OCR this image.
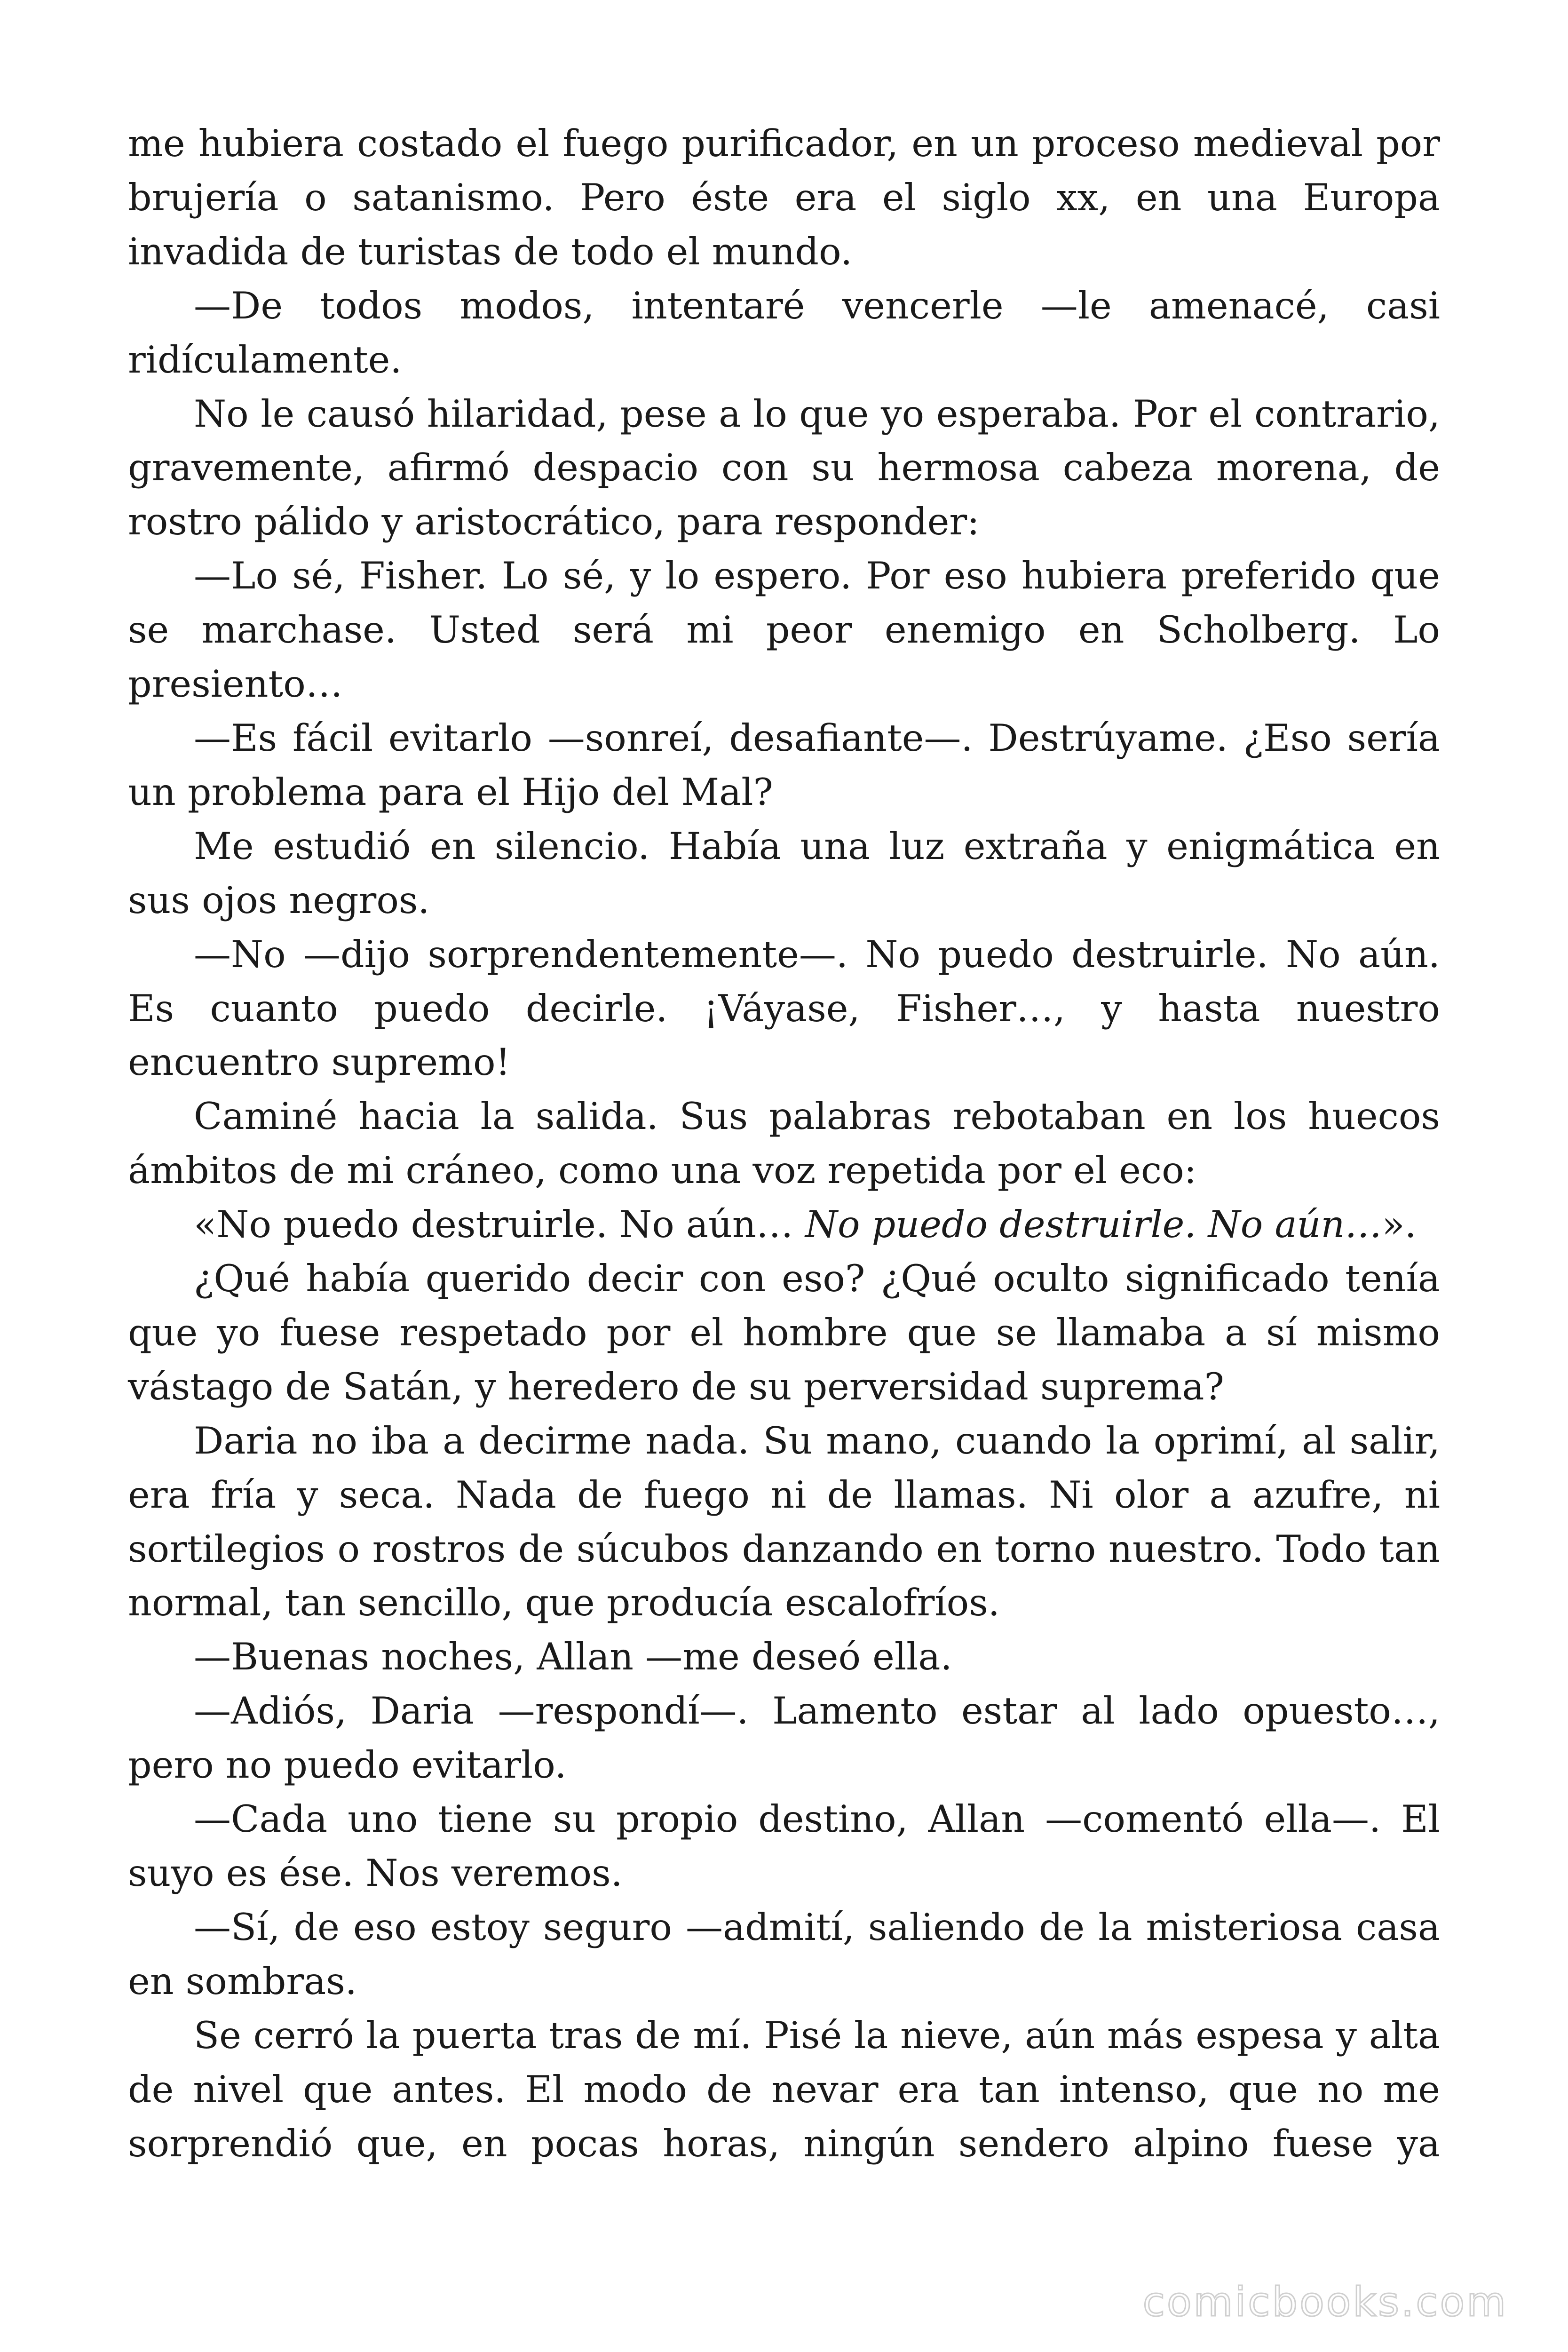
me hubiera costado el fuego purificador, en un proceso medieval por brujería o satanismo. Pero éste era el siglo xx, en una Europa invadida de turistas de todo el mundo.

—De todos modos, intentaré vencerle —le amenacé, casi ridículamente.

No le causó hilaridad, pese a lo que yo esperaba. Por el contrario, gravemente, afirmó despacio con su hermosa cabeza morena, de rostro pálido y aristocrático, para responder:

—Lo sé, Fisher. Lo sé, y lo espero. Por eso hubiera preferido que se marchase. Usted será mi peor enemigo en Scholberg. Lo presiento…

—Es fácil evitarlo —sonreí, desafiante—. Destrúyame. ¿Eso sería un problema para el Hijo del Mal?

Me estudió en silencio. Había una luz extraña y enigmática en sus ojos negros.

—No —dijo sorprendentemente—. No puedo destruirle. No aún. Es cuanto puedo decirle. ¡Váyase, Fisher…, y hasta nuestro encuentro supremo!

Caminé hacia la salida. Sus palabras rebotaban en los huecos ámbitos de mi cráneo, como una voz repetida por el eco:

«No puedo destruirle. No aún… No puedo destruirle. No aún…».

¿Qué había querido decir con eso? ¿Qué oculto significado tenía que yo fuese respetado por el hombre que se llamaba a sí mismo vástago de Satán, y heredero de su perversidad suprema?

Daria no iba a decirme nada. Su mano, cuando la oprimí, al salir, era fría y seca. Nada de fuego ni de llamas. Ni olor a azufre, ni sortilegios o rostros de súcubos danzando en torno nuestro. Todo tan normal, tan sencillo, que producía escalofríos.

—Buenas noches, Allan —me deseó ella.

—Adiós, Daria —respondí—. Lamento estar al lado opuesto…, pero no puedo evitarlo.

—Cada uno tiene su propio destino, Allan —comentó ella—. El suyo es ése. Nos veremos.

—Sí, de eso estoy seguro —admití, saliendo de la misteriosa casa en sombras.

Se cerró la puerta tras de mí. Pisé la nieve, aún más espesa y alta de nivel que antes. El modo de nevar era tan intenso, que no me sorprendió que, en pocas horas, ningún sendero alpino fuese ya

comicbooks.com
